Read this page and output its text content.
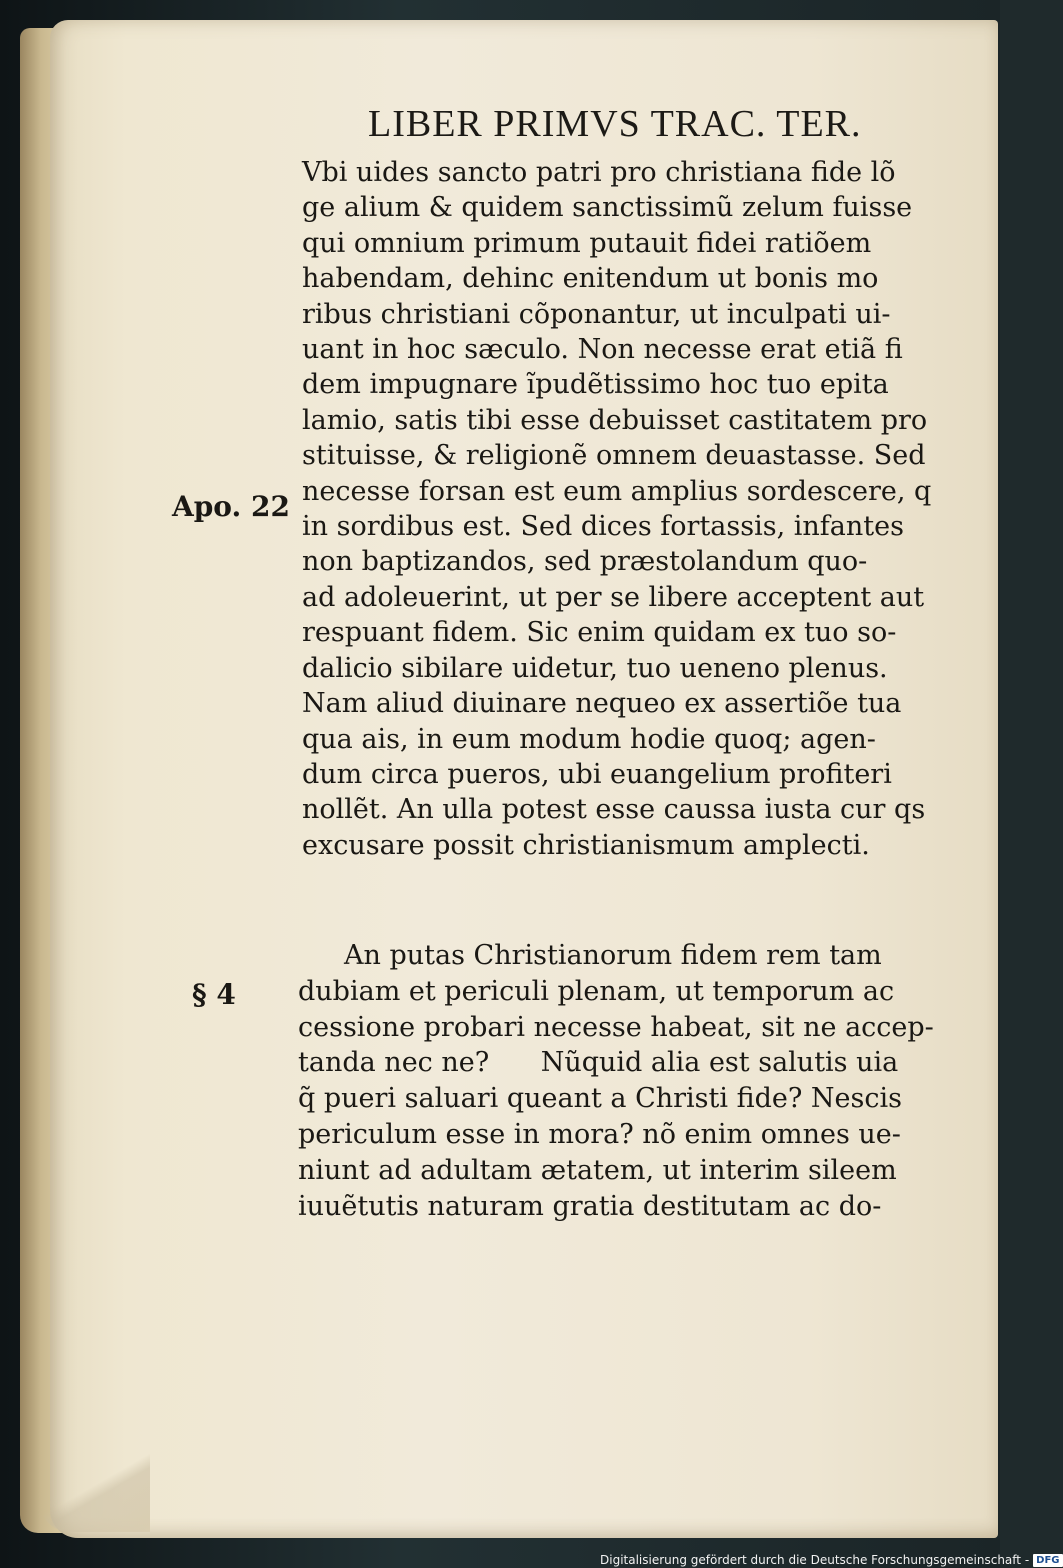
LIBER PRIMVS TRAC. TER.
Vbi uides sancto patri pro christiana fide lõ
ge alium & quidem sanctissimũ zelum fuisse
qui omnium primum putauit fidei ratiõem
habendam, dehinc enitendum ut bonis mo
ribus christiani cõponantur, ut inculpati ui-
uant in hoc sæculo. Non necesse erat etiã fi
dem impugnare ĩpudẽtissimo hoc tuo epita
lamio, satis tibi esse debuisset castitatem pro
stituisse, & religionẽ omnem deuastasse. Sed
necesse forsan est eum amplius sordescere, q
in sordibus est. Sed dices fortassis, infantes
non baptizandos, sed præstolandum quo-
ad adoleuerint, ut per se libere acceptent aut
respuant fidem. Sic enim quidam ex tuo so-
dalicio sibilare uidetur, tuo ueneno plenus.
Nam aliud diuinare nequeo ex assertiõe tua
qua ais, in eum modum hodie quoq; agen-
dum circa pueros, ubi euangelium profiteri
nollẽt. An ulla potest esse caussa iusta cur qs
excusare possit christianismum amplecti.
Apo. 22
§ 4
An putas Christianorum fidem rem tam
dubiam et periculi plenam, ut temporum ac
cessione probari necesse habeat, sit ne accep-
tanda nec ne?      Nũquid alia est salutis uia
q̃ pueri saluari queant a Christi fide? Nescis
periculum esse in mora? nõ enim omnes ue-
niunt ad adultam ætatem, ut interim sileem
iuuẽtutis naturam gratia destitutam ac do-
Digitalisierung gefördert durch die Deutsche Forschungsgemeinschaft - DFG
